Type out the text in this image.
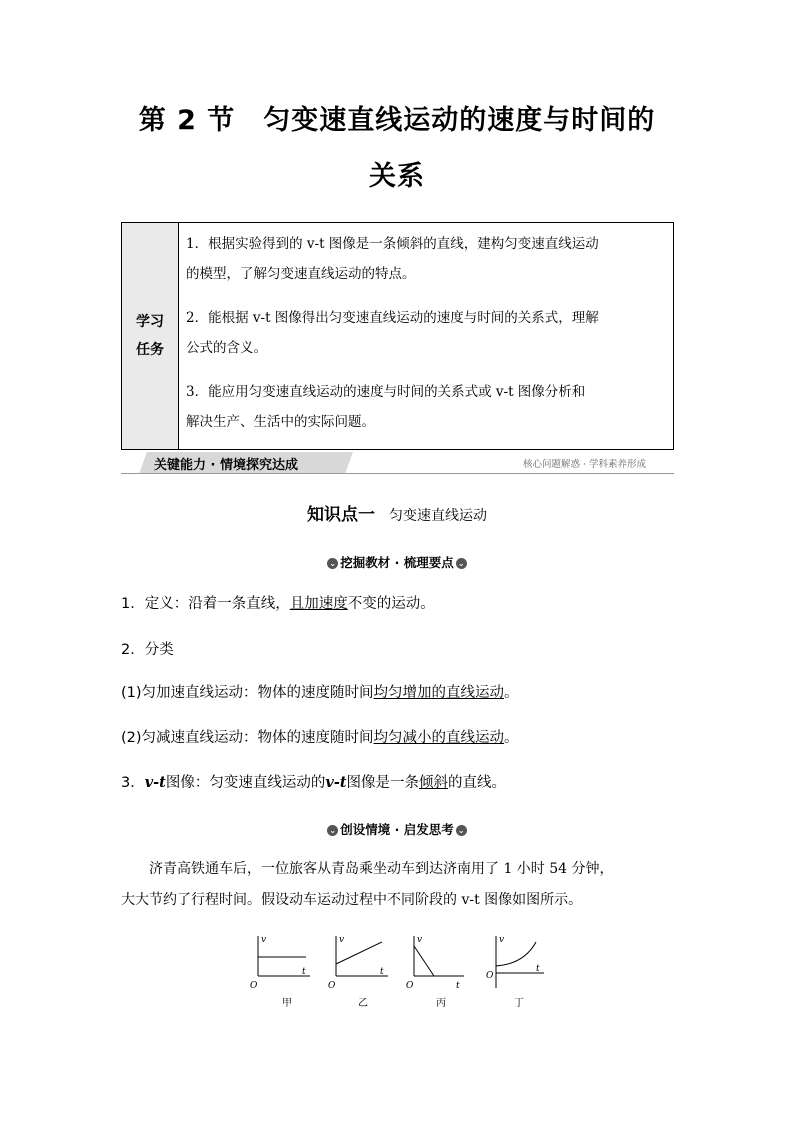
第 2 节　匀变速直线运动的速度与时间的
关系
学习
任务
1．根据实验得到的 v-t 图像是一条倾斜的直线，建构匀变速直线运动
的模型，了解匀变速直线运动的特点。
2．能根据 v-t 图像得出匀变速直线运动的速度与时间的关系式，理解
公式的含义。
3．能应用匀变速直线运动的速度与时间的关系式或 v-t 图像分析和
解决生产、生活中的实际问题。
关键能力 · 情境探究达成	核心问题解惑 · 学科素养形成
知识点一 匀变速直线运动
⌄ 挖掘教材 · 梳理要点 ⌄
1．定义：沿着一条直线，且加速度不变的运动。
2．分类
(1)匀加速直线运动：物体的速度随时间均匀增加的直线运动。
(2)匀减速直线运动：物体的速度随时间均匀减小的直线运动。
3．v-t图像：匀变速直线运动的v-t图像是一条倾斜的直线。
⌄ 创设情境 · 启发思考 ⌄
济青高铁通车后，一位旅客从青岛乘坐动车到达济南用了 1 小时 54 分钟，
大大节约了行程时间。假设动车运动过程中不同阶段的 v-t 图像如图所示。
v
t
O
甲
v
t
O
乙
v
t
O
丙
v
t
O
丁
